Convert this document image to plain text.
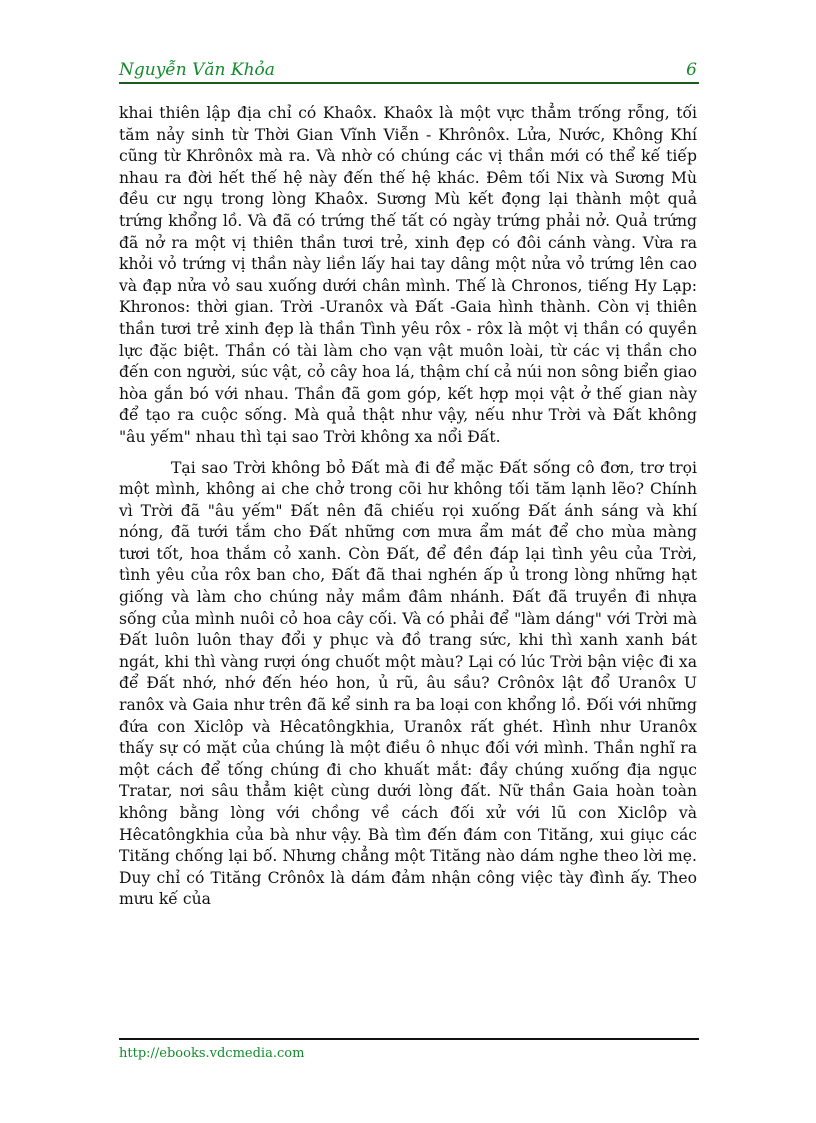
Nguyễn Văn Khỏa	6

khai thiên lập địa chỉ có Khaôx. Khaôx là một vực thẳm trống rỗng, tối tăm nảy sinh từ Thời Gian Vĩnh Viễn - Khrônôx. Lửa, Nước, Không Khí cũng từ Khrônôx mà ra. Và nhờ có chúng các vị thần mới có thể kế tiếp nhau ra đời hết thế hệ này đến thế hệ khác. Đêm tối Nix và Sương Mù đều cư ngụ trong lòng Khaôx. Sương Mù kết đọng lại thành một quả trứng khổng lồ. Và đã có trứng thế tất có ngày trứng phải nở. Quả trứng đã nở ra một vị thiên thần tươi trẻ, xinh đẹp có đôi cánh vàng. Vừa ra khỏi vỏ trứng vị thần này liền lấy hai tay dâng một nửa vỏ trứng lên cao và đạp nửa vỏ sau xuống dưới chân mình. Thế là Chronos, tiếng Hy Lạp: Khronos: thời gian. Trời -Uranôx và Đất -Gaia hình thành. Còn vị thiên thần tươi trẻ xinh đẹp là thần Tình yêu rôx - rôx là một vị thần có quyền lực đặc biệt. Thần có tài làm cho vạn vật muôn loài, từ các vị thần cho đến con người, súc vật, cỏ cây hoa lá, thậm chí cả núi non sông biển giao hòa gắn bó với nhau. Thần đã gom góp, kết hợp mọi vật ở thế gian này để tạo ra cuộc sống. Mà quả thật như vậy, nếu như Trời và Đất không "âu yếm" nhau thì tại sao Trời không xa nổi Đất.

Tại sao Trời không bỏ Đất mà đi để mặc Đất sống cô đơn, trơ trọi một mình, không ai che chở trong cõi hư không tối tăm lạnh lẽo? Chính vì Trời đã "âu yếm" Đất nên đã chiếu rọi xuống Đất ánh sáng và khí nóng, đã tưới tắm cho Đất những cơn mưa ẩm mát để cho mùa màng tươi tốt, hoa thắm cỏ xanh. Còn Đất, để đền đáp lại tình yêu của Trời, tình yêu của rôx ban cho, Đất đã thai nghén ấp ủ trong lòng những hạt giống và làm cho chúng nảy mầm đâm nhánh. Đất đã truyền đi nhựa sống của mình nuôi cỏ hoa cây cối. Và có phải để "làm dáng" với Trời mà Đất luôn luôn thay đổi y phục và đồ trang sức, khi thì xanh xanh bát ngát, khi thì vàng rượi óng chuốt một màu? Lại có lúc Trời bận việc đi xa để Đất nhớ, nhớ đến héo hon, ủ rũ, âu sầu? Crônôx lật đổ Uranôx U ranôx và Gaia như trên đã kể sinh ra ba loại con khổng lồ. Đối với những đứa con Xiclôp và Hêcatôngkhia, Uranôx rất ghét. Hình như Uranôx thấy sự có mặt của chúng là một điều ô nhục đối với mình. Thần nghĩ ra một cách để tống chúng đi cho khuất mắt: đầy chúng xuống địa ngục Tratar, nơi sâu thẳm kiệt cùng dưới lòng đất. Nữ thần Gaia hoàn toàn không bằng lòng với chồng về cách đối xử với lũ con Xiclôp và Hêcatôngkhia của bà như vậy. Bà tìm đến đám con Tităng, xui giục các Tităng chống lại bố. Nhưng chẳng một Tităng nào dám nghe theo lời mẹ. Duy chỉ có Tităng Crônôx là dám đảm nhận công việc tày đình ấy. Theo mưu kế của

http://ebooks.vdcmedia.com
